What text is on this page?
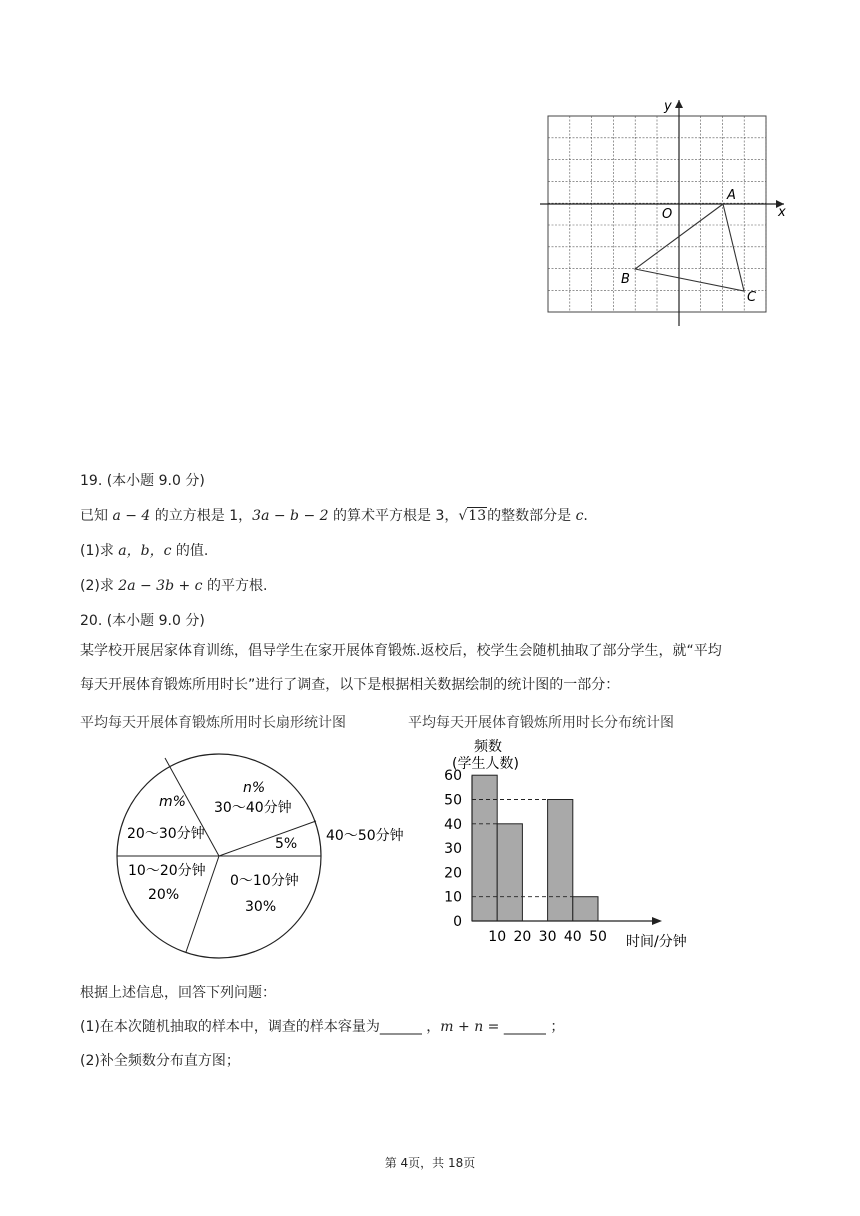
x
y
O
A
B
C
19. (本小题 9.0 分)
已知 a − 4 的立方根是 1，3a − b − 2 的算术平方根是 3，√13的整数部分是 c.
(1)求 a，b，c 的值.
(2)求 2a − 3b + c 的平方根.
20. (本小题 9.0 分)
某学校开展居家体育训练，倡导学生在家开展体育锻炼.返校后，校学生会随机抽取了部分学生，就“平均
每天开展体育锻炼所用时长”进行了调查，以下是根据相关数据绘制的统计图的一部分：
平均每天开展体育锻炼所用时长扇形统计图	平均每天开展体育锻炼所用时长分布统计图
n%
30～40分钟
m%
20～30分钟
5% 40～50分钟
10～20分钟
20%
0～10分钟
30%
频数
(学生人数)
0
10
20
30
40
50
60
10 20 30 40 50 时间/分钟
根据上述信息，回答下列问题：
(1)在本次随机抽取的样本中，调查的样本容量为______ ，m + n = ______ ；
(2)补全频数分布直方图；
第 4页，共 18页
